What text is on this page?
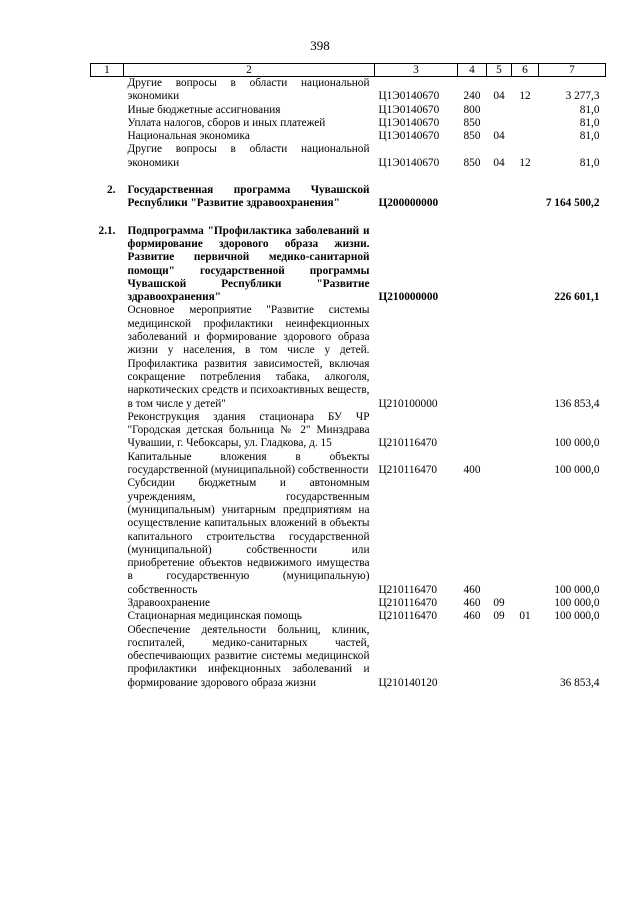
398
1	2	3	4	5	6	7
	Другие вопросы в области национальной экономики	Ц1Э0140670	240	04	12	3 277,3
	Иные бюджетные ассигнования	Ц1Э0140670	800			81,0
	Уплата налогов, сборов и иных платежей	Ц1Э0140670	850			81,0
	Национальная экономика	Ц1Э0140670	850	04		81,0
	Другие вопросы в области национальной экономики	Ц1Э0140670	850	04	12	81,0

2.	Государственная программа Чувашской Республики "Развитие здравоохранения"	Ц200000000				7 164 500,2

2.1.	Подпрограмма "Профилактика заболеваний и формирование здорового образа жизни. Развитие первичной медико-санитарной помощи" государственной программы Чувашской Республики "Развитие здравоохранения"	Ц210000000				226 601,1
	Основное мероприятие "Развитие системы медицинской профилактики неинфекционных заболеваний и формирование здорового образа жизни у населения, в том числе у детей. Профилактика развития зависимостей, включая сокращение потребления табака, алкоголя, наркотических средств и психоактивных веществ, в том числе у детей"	Ц210100000				136 853,4
	Реконструкция здания стационара БУ ЧР "Городская детская больница № 2" Минздрава Чувашии, г. Чебоксары, ул. Гладкова, д. 15	Ц210116470				100 000,0
	Капитальные вложения в объекты государственной (муниципальной) собственности	Ц210116470	400			100 000,0
	Субсидии бюджетным и автономным учреждениям, государственным (муниципальным) унитарным предприятиям на осуществление капитальных вложений в объекты капитального строительства государственной (муниципальной) собственности или приобретение объектов недвижимого имущества в государственную (муниципальную) собственность	Ц210116470	460			100 000,0
	Здравоохранение	Ц210116470	460	09		100 000,0
	Стационарная медицинская помощь	Ц210116470	460	09	01	100 000,0
	Обеспечение деятельности больниц, клиник, госпиталей, медико-санитарных частей, обеспечивающих развитие системы медицинской профилактики инфекционных заболеваний и формирование здорового образа жизни	Ц210140120				36 853,4
